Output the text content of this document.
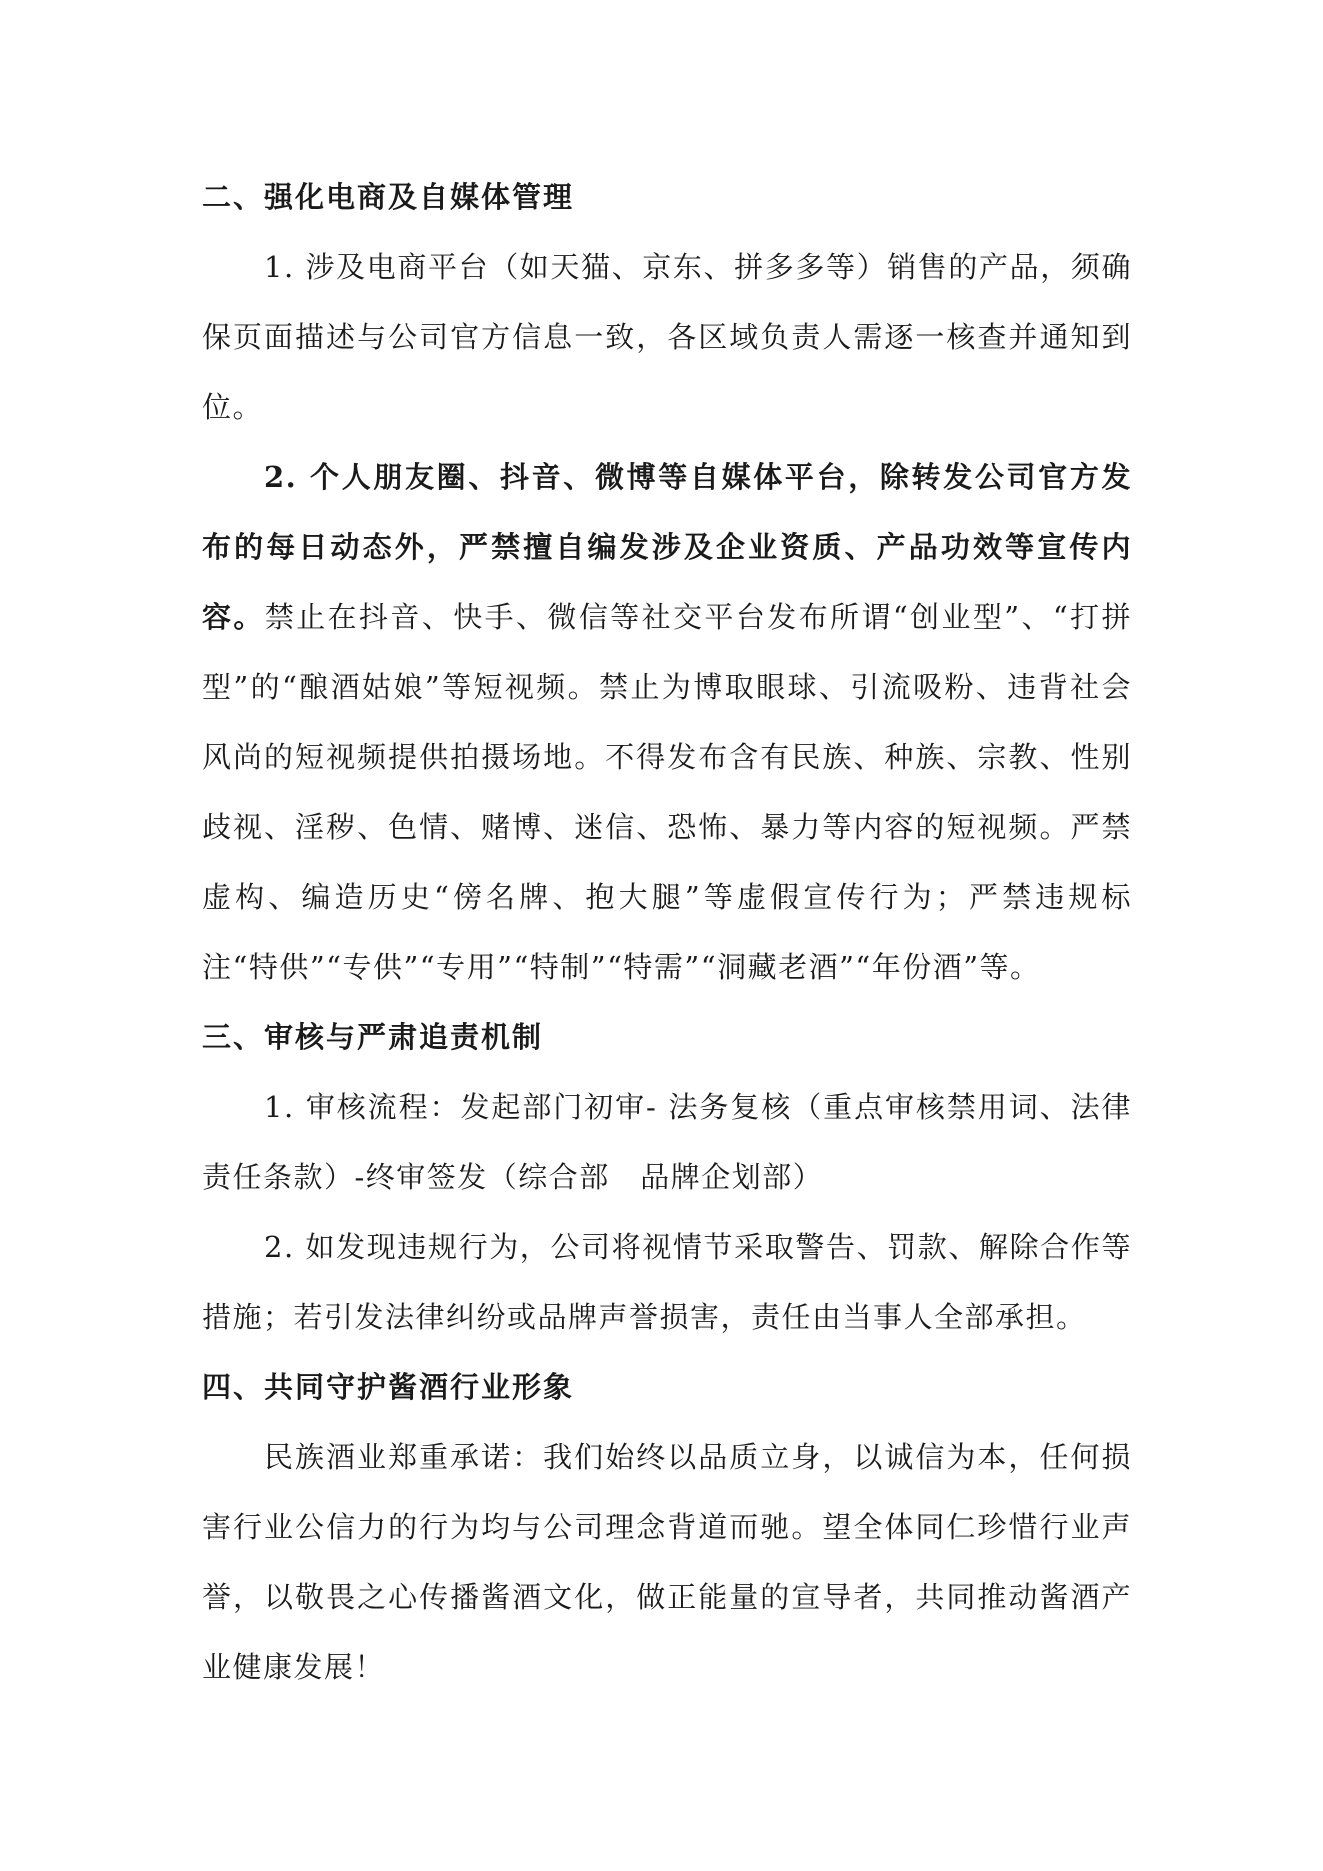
二、强化电商及自媒体管理

1. 涉及电商平台（如天猫、京东、拼多多等）销售的产品，须确保页面描述与公司官方信息一致，各区域负责人需逐一核查并通知到位。

2. 个人朋友圈、抖音、微博等自媒体平台，除转发公司官方发布的每日动态外，严禁擅自编发涉及企业资质、产品功效等宣传内容。禁止在抖音、快手、微信等社交平台发布所谓“创业型”、“打拼型”的“酿酒姑娘”等短视频。禁止为博取眼球、引流吸粉、违背社会风尚的短视频提供拍摄场地。不得发布含有民族、种族、宗教、性别歧视、淫秽、色情、赌博、迷信、恐怖、暴力等内容的短视频。严禁虚构、编造历史“傍名牌、抱大腿”等虚假宣传行为；严禁违规标注“特供”“专供”“专用”“特制”“特需”“洞藏老酒”“年份酒”等。

三、审核与严肃追责机制

1. 审核流程：发起部门初审- 法务复核（重点审核禁用词、法律责任条款）-终审签发（综合部　品牌企划部）

2. 如发现违规行为，公司将视情节采取警告、罚款、解除合作等措施；若引发法律纠纷或品牌声誉损害，责任由当事人全部承担。

四、共同守护酱酒行业形象

民族酒业郑重承诺：我们始终以品质立身，以诚信为本，任何损害行业公信力的行为均与公司理念背道而驰。望全体同仁珍惜行业声誉，以敬畏之心传播酱酒文化，做正能量的宣导者，共同推动酱酒产业健康发展！
